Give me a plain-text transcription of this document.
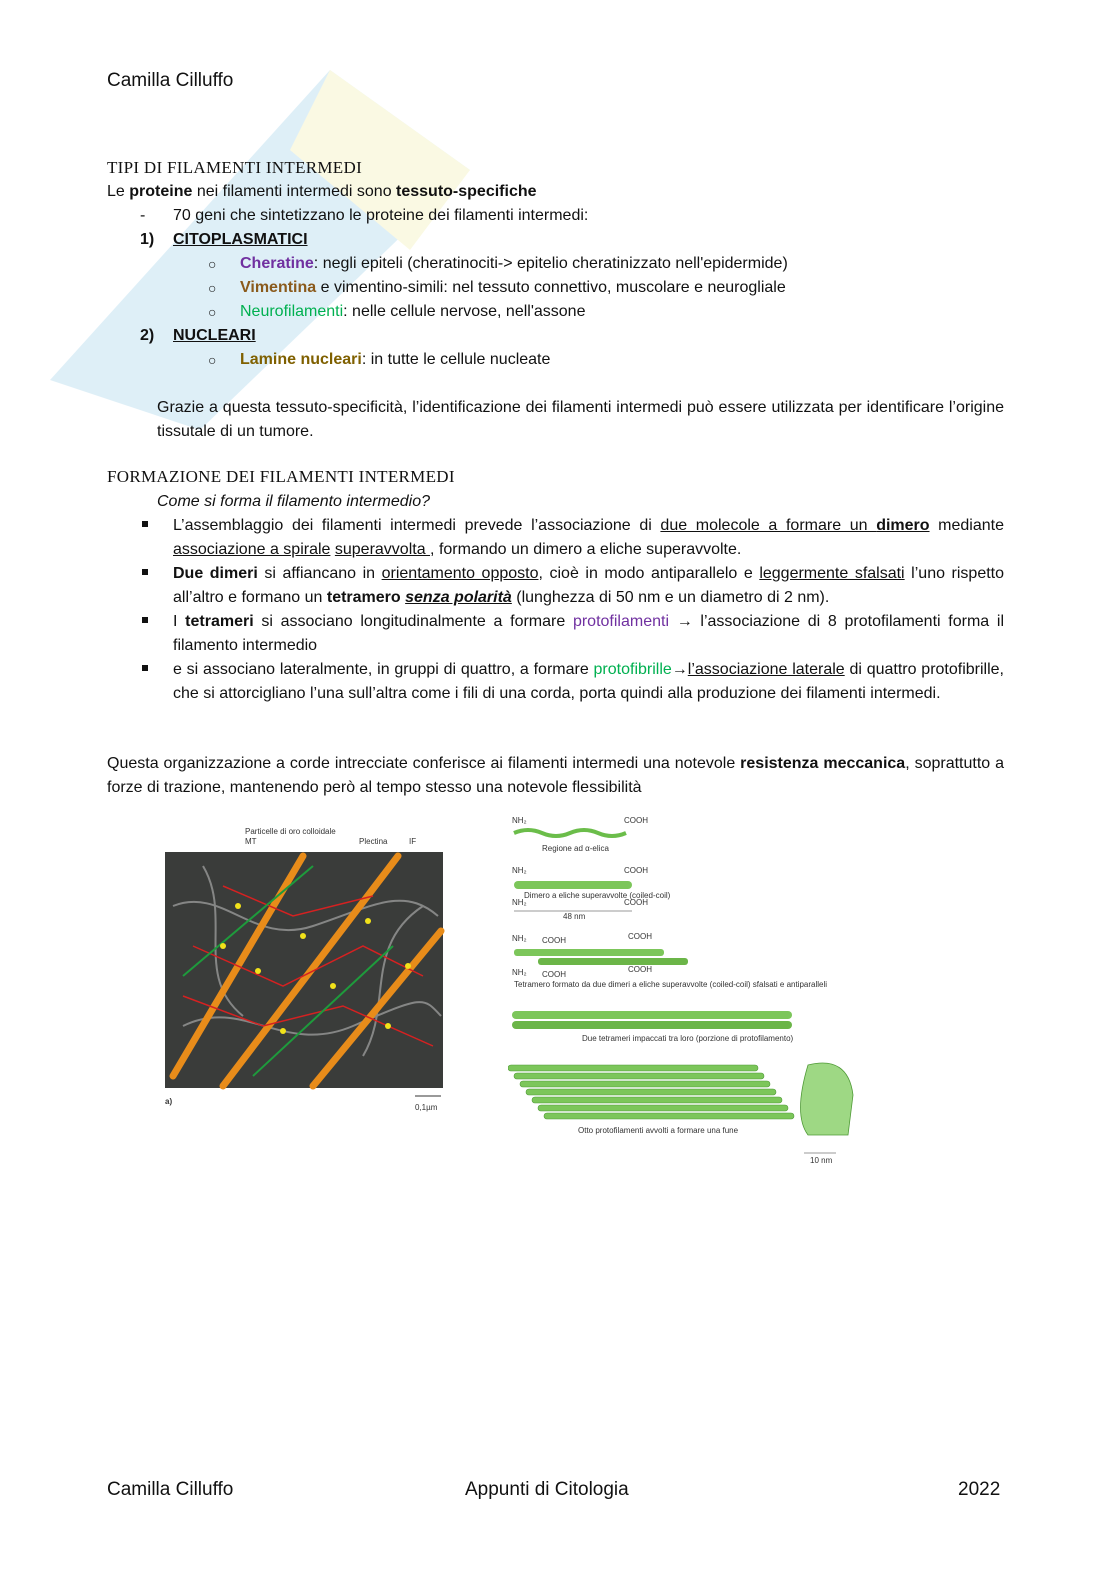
Camilla Cilluffo
TIPI DI FILAMENTI INTERMEDI
Le proteine nei filamenti intermedi sono tessuto-specifiche
- 70 geni che sintetizzano le proteine dei filamenti intermedi:
1) CITOPLASMATICI
○ Cheratine: negli epiteli (cheratinociti-> epitelio cheratinizzato nell'epidermide)
○ Vimentina e vimentino-simili: nel tessuto connettivo, muscolare e neurogliale
○ Neurofilamenti: nelle cellule nervose, nell'assone
2) NUCLEARI
○ Lamine nucleari: in tutte le cellule nucleate
Grazie a questa tessuto-specificità, l’identificazione dei filamenti intermedi può essere utilizzata per identificare l’origine tissutale di un tumore.
FORMAZIONE DEI FILAMENTI INTERMEDI
Come si forma il filamento intermedio?
L’assemblaggio dei filamenti intermedi prevede l’associazione di due molecole a formare un dimero mediante associazione a spirale superavvolta , formando un dimero a eliche superavvolte.
Due dimeri si affiancano in orientamento opposto, cioè in modo antiparallelo e leggermente sfalsati l’uno rispetto all’altro e formano un tetramero senza polarità (lunghezza di 50 nm e un diametro di 2 nm).
I tetrameri si associano longitudinalmente a formare protofilamenti → l’associazione di 8 protofilamenti forma il filamento intermedio
e si associano lateralmente, in gruppi di quattro, a formare protofibrille→l’associazione laterale di quattro protofibrille, che si attorcigliano l’una sull’altra come i fili di una corda, porta quindi alla produzione dei filamenti intermedi.
Questa organizzazione a corde intrecciate conferisce ai filamenti intermedi una notevole resistenza meccanica, soprattutto a forze di trazione, mantenendo però al tempo stesso una notevole flessibilità
Particelle di oro colloidale
MT	Plectina	IF
a)
0,1µm
NH₂	COOH
Regione ad α-elica
NH₂	COOH
Dimero a eliche superavvolte (coiled-coil)
NH₂	COOH
48 nm
NH₂ COOH	COOH
NH₂ COOH
COOH
Tetramero formato da due dimeri a eliche superavvolte (coiled-coil) sfalsati e antiparalleli
Due tetrameri impaccati tra loro (porzione di protofilamento)
Otto protofilamenti avvolti a formare una fune
10 nm
Camilla Cilluffo	Appunti di Citologia	2022
